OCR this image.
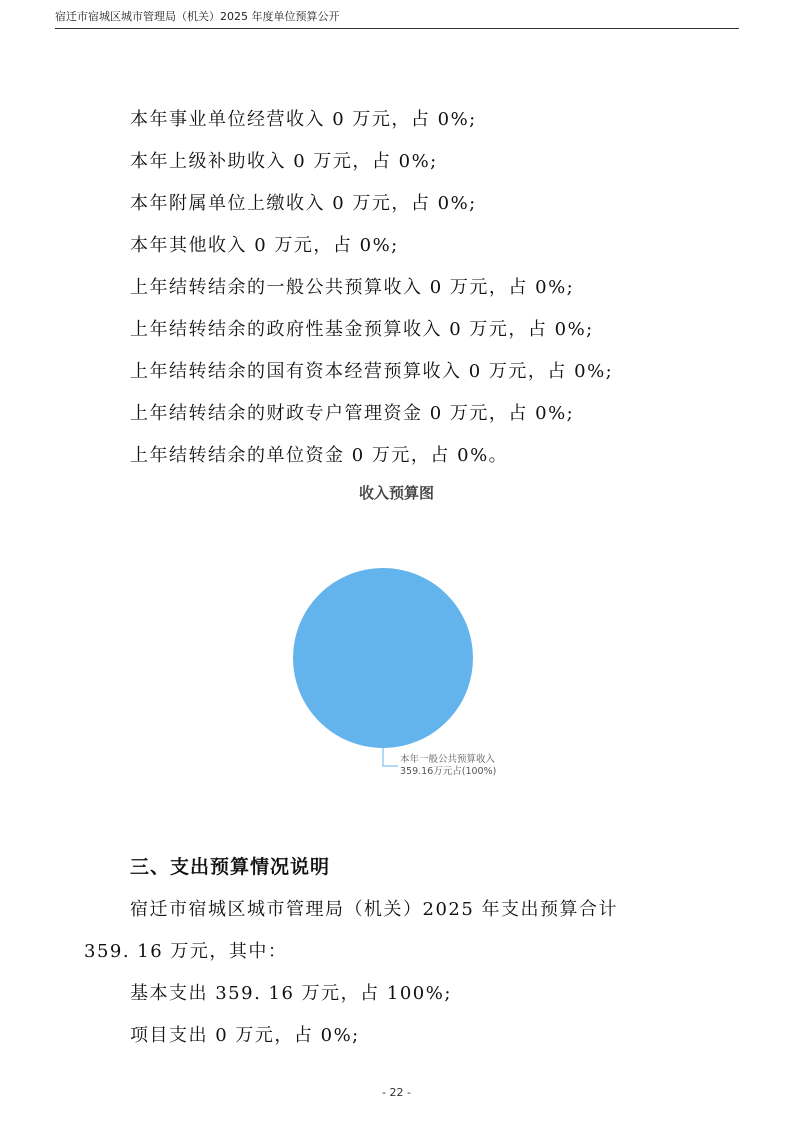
宿迁市宿城区城市管理局（机关）2025 年度单位预算公开
本年事业单位经营收入 0 万元，占 0%;
本年上级补助收入 0 万元，占 0%;
本年附属单位上缴收入 0 万元，占 0%;
本年其他收入 0 万元，占 0%;
上年结转结余的一般公共预算收入 0 万元，占 0%;
上年结转结余的政府性基金预算收入 0 万元，占 0%;
上年结转结余的国有资本经营预算收入 0 万元，占 0%;
上年结转结余的财政专户管理资金 0 万元，占 0%;
上年结转结余的单位资金 0 万元，占 0%。
收入预算图
本年一般公共预算收入
359.16万元占(100%)
三、支出预算情况说明
宿迁市宿城区城市管理局（机关）2025 年支出预算合计
359. 16 万元，其中：
基本支出 359. 16 万元，占 100%;
项目支出 0 万元，占 0%;
- 22 -
